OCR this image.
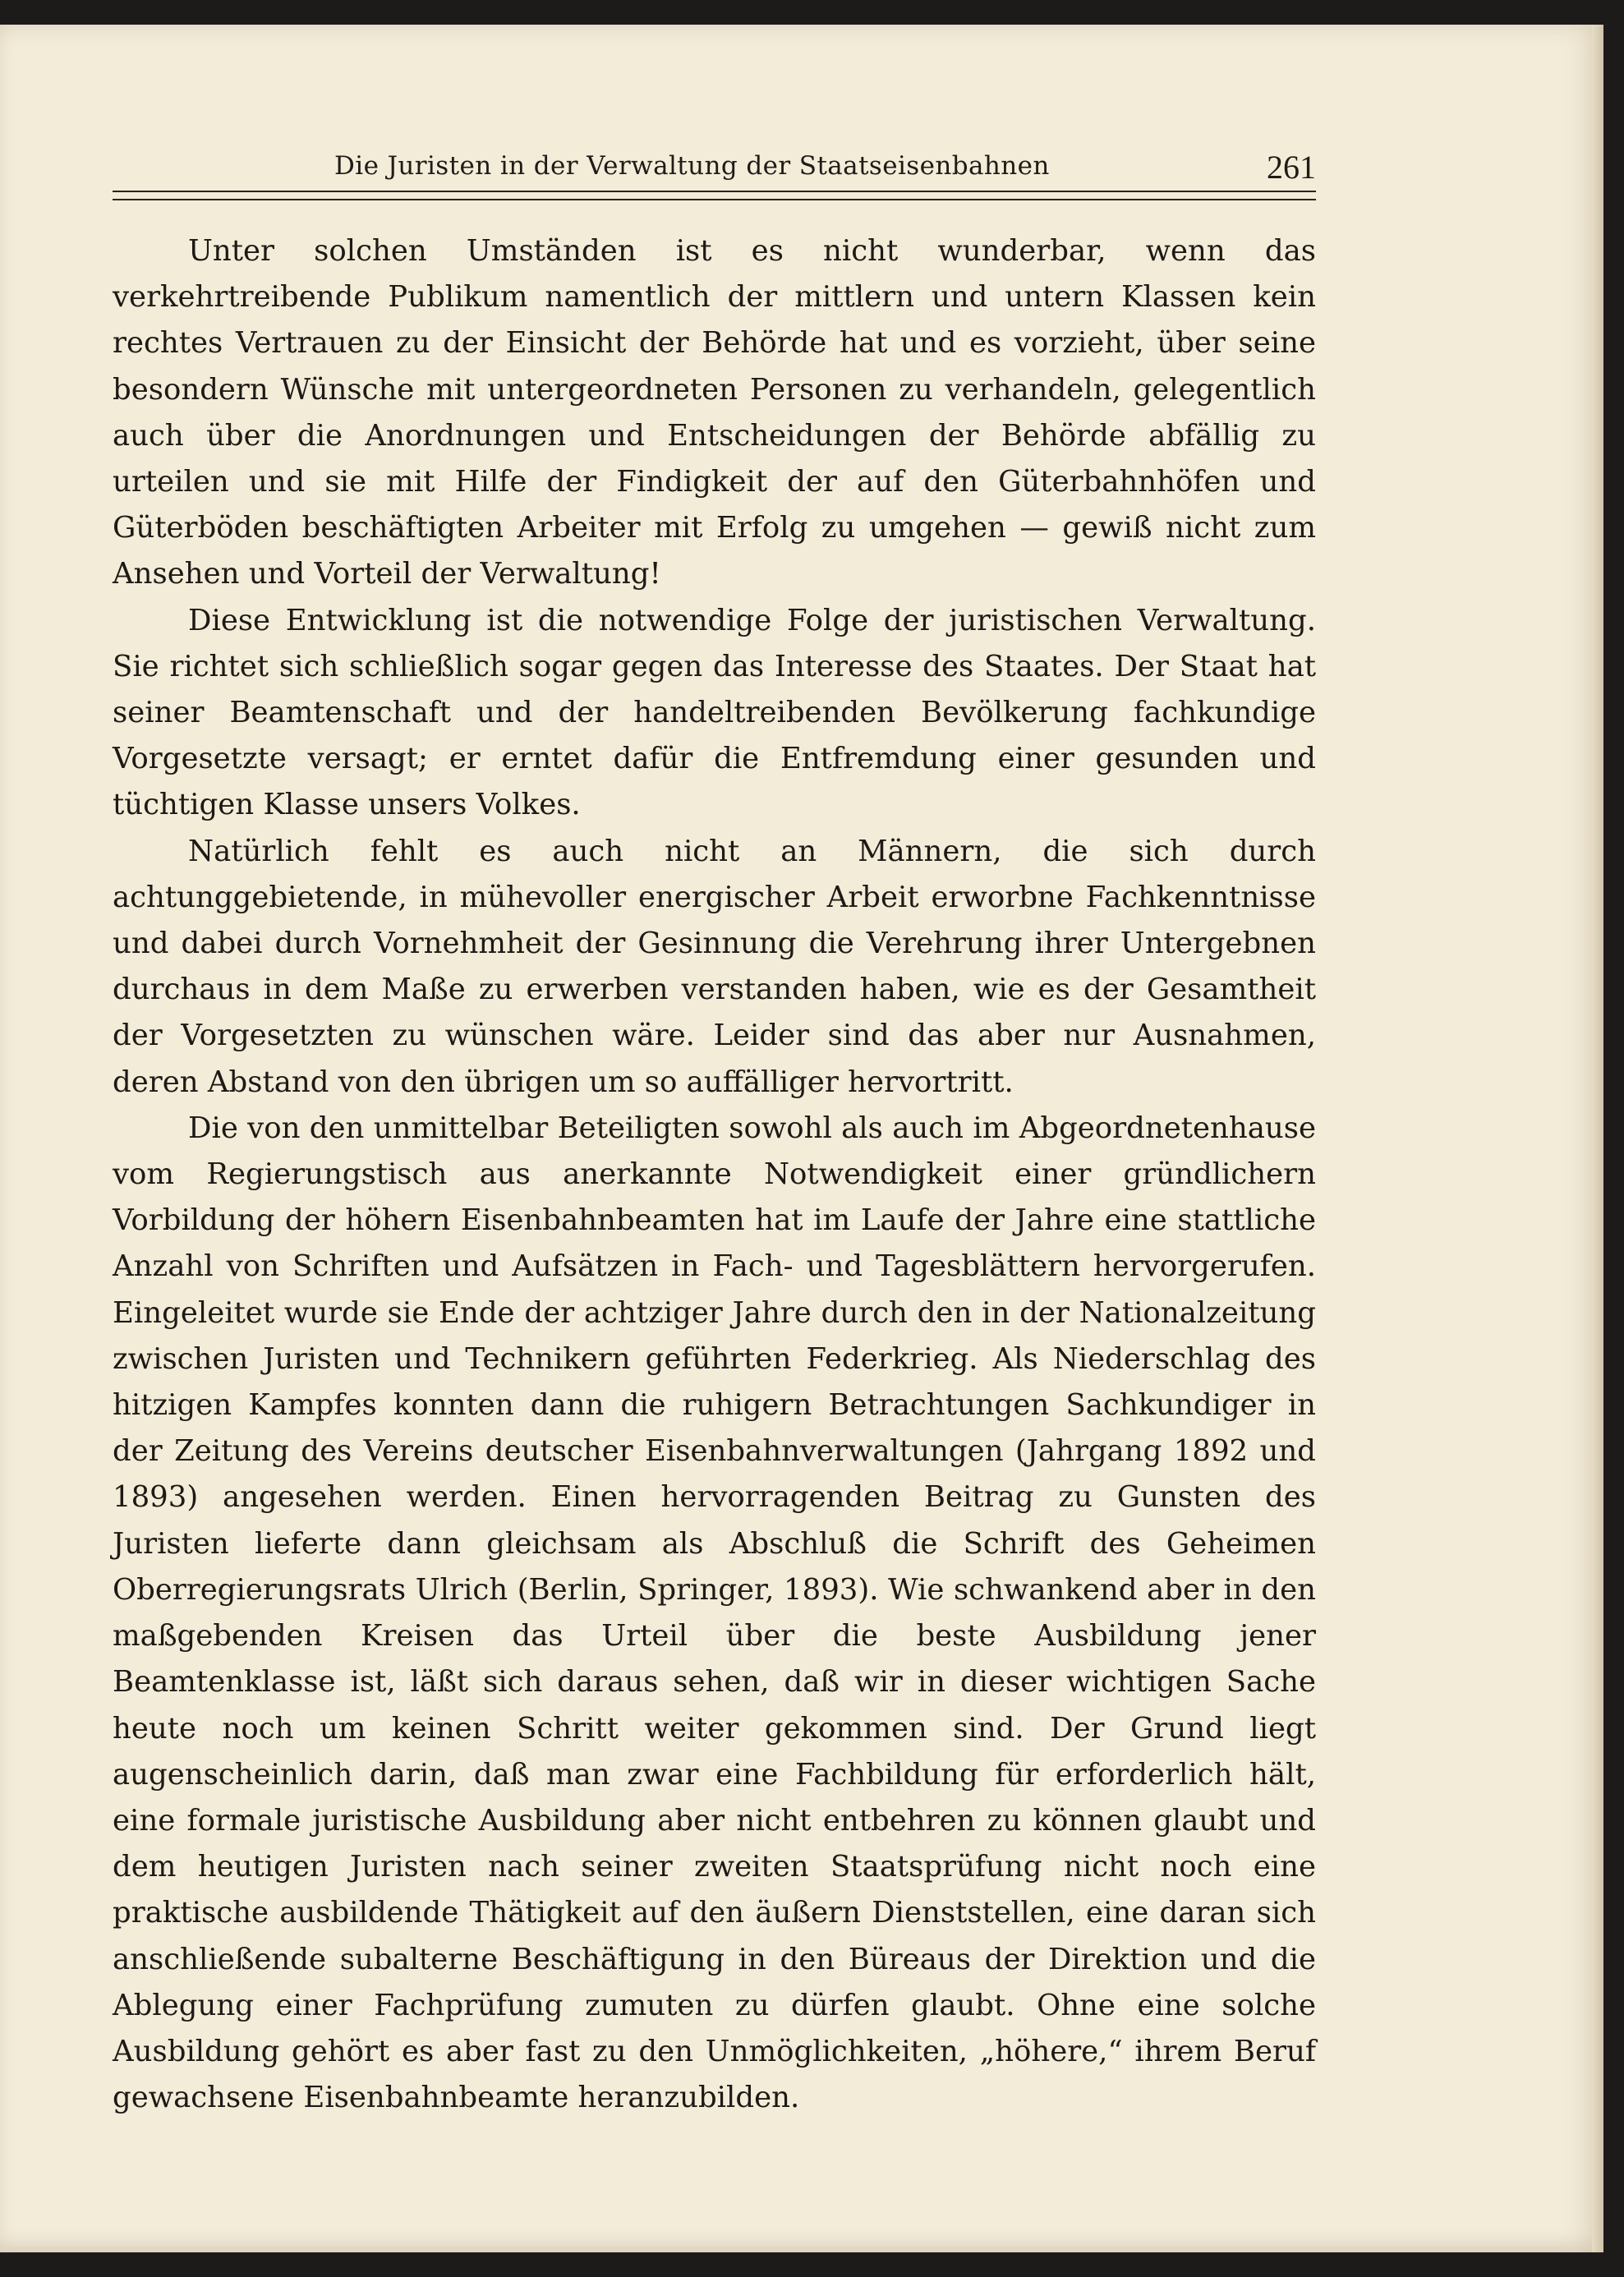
Die Juristen in der Verwaltung der Staatseisenbahnen	261

Unter solchen Umständen ist es nicht wunderbar, wenn das verkehrtreibende Publikum namentlich der mittlern und untern Klassen kein rechtes Vertrauen zu der Einsicht der Behörde hat und es vorzieht, über seine besondern Wünsche mit untergeordneten Personen zu verhandeln, gelegentlich auch über die Anordnungen und Entscheidungen der Behörde abfällig zu urteilen und sie mit Hilfe der Findigkeit der auf den Güterbahnhöfen und Güterböden beschäftigten Arbeiter mit Erfolg zu umgehen — gewiß nicht zum Ansehen und Vorteil der Verwaltung!

Diese Entwicklung ist die notwendige Folge der juristischen Verwaltung. Sie richtet sich schließlich sogar gegen das Interesse des Staates. Der Staat hat seiner Beamtenschaft und der handeltreibenden Bevölkerung fachkundige Vorgesetzte versagt; er erntet dafür die Entfremdung einer gesunden und tüchtigen Klasse unsers Volkes.

Natürlich fehlt es auch nicht an Männern, die sich durch achtunggebietende, in mühevoller energischer Arbeit erworbne Fachkenntnisse und dabei durch Vornehmheit der Gesinnung die Verehrung ihrer Untergebnen durchaus in dem Maße zu erwerben verstanden haben, wie es der Gesamtheit der Vorgesetzten zu wünschen wäre. Leider sind das aber nur Ausnahmen, deren Abstand von den übrigen um so auffälliger hervortritt.

Die von den unmittelbar Beteiligten sowohl als auch im Abgeordnetenhause vom Regierungstisch aus anerkannte Notwendigkeit einer gründlichern Vorbildung der höhern Eisenbahnbeamten hat im Laufe der Jahre eine stattliche Anzahl von Schriften und Aufsätzen in Fach- und Tagesblättern hervorgerufen. Eingeleitet wurde sie Ende der achtziger Jahre durch den in der Nationalzeitung zwischen Juristen und Technikern geführten Federkrieg. Als Niederschlag des hitzigen Kampfes konnten dann die ruhigern Betrachtungen Sachkundiger in der Zeitung des Vereins deutscher Eisenbahnverwaltungen (Jahrgang 1892 und 1893) angesehen werden. Einen hervorragenden Beitrag zu Gunsten des Juristen lieferte dann gleichsam als Abschluß die Schrift des Geheimen Oberregierungsrats Ulrich (Berlin, Springer, 1893). Wie schwankend aber in den maßgebenden Kreisen das Urteil über die beste Ausbildung jener Beamtenklasse ist, läßt sich daraus sehen, daß wir in dieser wichtigen Sache heute noch um keinen Schritt weiter gekommen sind. Der Grund liegt augenscheinlich darin, daß man zwar eine Fachbildung für erforderlich hält, eine formale juristische Ausbildung aber nicht entbehren zu können glaubt und dem heutigen Juristen nach seiner zweiten Staatsprüfung nicht noch eine praktische ausbildende Thätigkeit auf den äußern Dienststellen, eine daran sich anschließende subalterne Beschäftigung in den Büreaus der Direktion und die Ablegung einer Fachprüfung zumuten zu dürfen glaubt. Ohne eine solche Ausbildung gehört es aber fast zu den Unmöglichkeiten, „höhere,“ ihrem Beruf gewachsene Eisenbahnbeamte heranzubilden.
